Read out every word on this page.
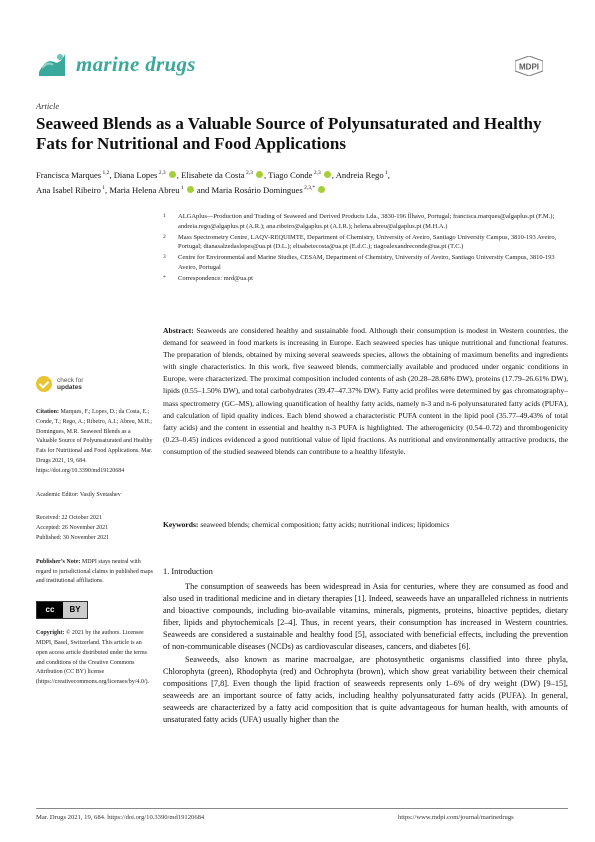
marine drugs	MDPI
Article
Seaweed Blends as a Valuable Source of Polyunsaturated and Healthy Fats for Nutritional and Food Applications
Francisca Marques $^{1,2}$, Diana Lopes $^{2,3}$ , Elisabete da Costa $^{2,3}$ , Tiago Conde $^{2,3}$ , Andreia Rego $^1$,
Ana Isabel Ribeiro $^1$, Maria Helena Abreu $^1$  and Maria Rosário Domingues $^{2,3,*}$
1 ALGAplus—Production and Trading of Seaweed and Derived Products Lda., 3830-196 Ílhavo, Portugal; francisca.marques@algaplus.pt (F.M.); andreia.rego@algaplus.pt (A.R.); ana.ribeiro@algaplus.pt (A.I.R.); helena.abreu@algaplus.pt (M.H.A.)
2 Mass Spectrometry Centre, LAQV-REQUIMTE, Department of Chemistry, University of Aveiro, Santiago University Campus, 3810-193 Aveiro, Portugal; dianasalzedaslopes@ua.pt (D.L.); elisabetecosta@ua.pt (E.d.C.); tiagoalexandreconde@ua.pt (T.C.)
3 Centre for Environmental and Marine Studies, CESAM, Department of Chemistry, University of Aveiro, Santiago University Campus, 3810-193 Aveiro, Portugal
* Correspondence: mrd@ua.pt
Abstract: Seaweeds are considered healthy and sustainable food. Although their consumption is modest in Western countries, the demand for seaweed in food markets is increasing in Europe. Each seaweed species has unique nutritional and functional features. The preparation of blends, obtained by mixing several seaweeds species, allows the obtaining of maximum benefits and ingredients with single characteristics. In this work, five seaweed blends, commercially available and produced under organic conditions in Europe, were characterized. The proximal composition included contents of ash (20.28–28.68% DW), proteins (17.79–26.61% DW), lipids (0.55–1.50% DW), and total carbohydrates (39.47–47.37% DW). Fatty acid profiles were determined by gas chromatography–mass spectrometry (GC–MS), allowing quantification of healthy fatty acids, namely n-3 and n-6 polyunsaturated fatty acids (PUFA), and calculation of lipid quality indices. Each blend showed a characteristic PUFA content in the lipid pool (35.77–49.43% of total fatty acids) and the content in essential and healthy n-3 PUFA is highlighted. The atherogenicity (0.54–0.72) and thrombogenicity (0.23–0.45) indices evidenced a good nutritional value of lipid fractions. As nutritional and environmentally attractive products, the consumption of the studied seaweed blends can contribute to a healthy lifestyle.
Keywords: seaweed blends; chemical composition; fatty acids; nutritional indices; lipidomics
check for
updates
Citation: Marques, F.; Lopes, D.; da Costa, E.; Conde, T.; Rego, A.; Ribeiro, A.I.; Abreu, M.H.; Domingues, M.R. Seaweed Blends as a Valuable Source of Polyunsaturated and Healthy Fats for Nutritional and Food Applications. Mar. Drugs 2021, 19, 684. https://doi.org/10.3390/md19120684
Academic Editor: Vasily Svetashev
Received: 22 October 2021
Accepted: 26 November 2021
Published: 30 November 2021
Publisher’s Note: MDPI stays neutral with regard to jurisdictional claims in published maps and institutional affiliations.
cc	BY
Copyright: © 2021 by the authors. Licensee MDPI, Basel, Switzerland. This article is an open access article distributed under the terms and conditions of the Creative Commons Attribution (CC BY) license (https://creativecommons.org/licenses/by/4.0/).
1. Introduction

The consumption of seaweeds has been widespread in Asia for centuries, where they are consumed as food and also used in traditional medicine and in dietary therapies [1]. Indeed, seaweeds have an unparalleled richness in nutrients and bioactive compounds, including bio-available vitamins, minerals, pigments, proteins, bioactive peptides, dietary fiber, lipids and phytochemicals [2–4]. Thus, in recent years, their consumption has increased in Western countries. Seaweeds are considered a sustainable and healthy food [5], associated with beneficial effects, including the prevention of non-communicable diseases (NCDs) as cardiovascular diseases, cancers, and diabetes [6].

Seaweeds, also known as marine macroalgae, are photosynthetic organisms classified into three phyla, Chlorophyta (green), Rhodophyta (red) and Ochrophyta (brown), which show great variability between their chemical compositions [7,8]. Even though the lipid fraction of seaweeds represents only 1–6% of dry weight (DW) [9–15], seaweeds are an important source of fatty acids, including healthy polyunsaturated fatty acids (PUFA). In general, seaweeds are characterized by a fatty acid composition that is quite advantageous for human health, with amounts of unsaturated fatty acids (UFA) usually higher than the

Mar. Drugs 2021, 19, 684. https://doi.org/10.3390/md19120684	https://www.mdpi.com/journal/marinedrugs
